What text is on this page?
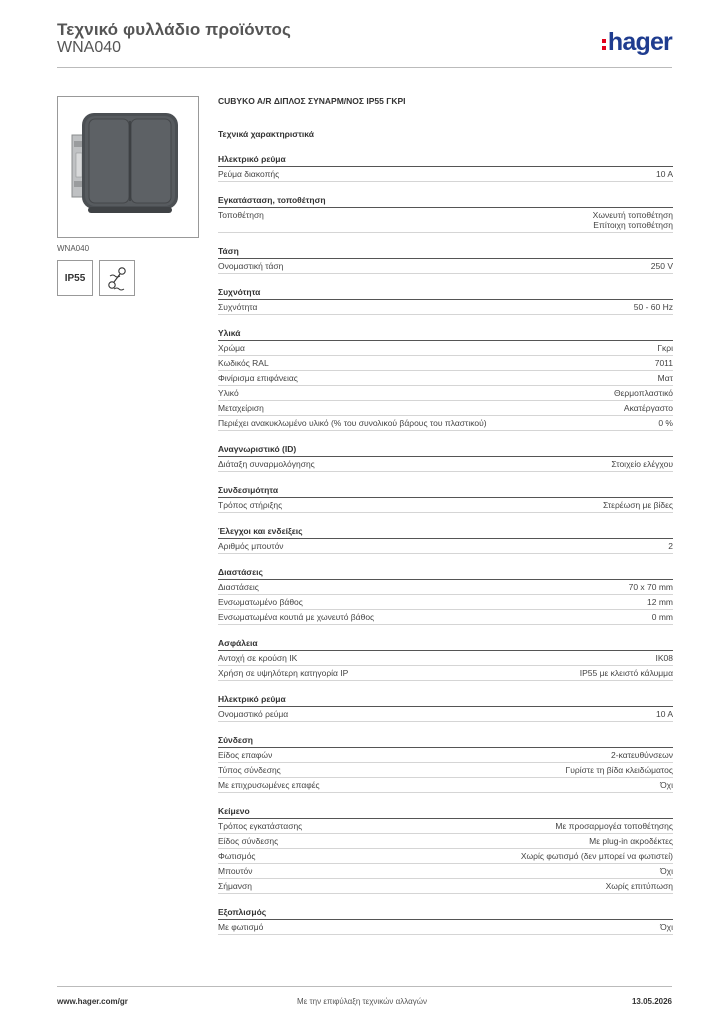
Τεχνικό φυλλάδιο προϊόντος
WNA040	hager
WNA040
IP55
CUBYKO A/R ΔΙΠΛΟΣ ΣΥΝΑΡΜ/ΝΟΣ IP55 ΓΚΡΙ
Τεχνικά χαρακτηριστικά
Ηλεκτρικό ρεύμα
Ρεύμα διακοπής	10 A
Εγκατάσταση, τοποθέτηση
Τοποθέτηση	Χωνευτή τοποθέτηση
Επίτοιχη τοποθέτηση
Τάση
Ονομαστική τάση	250 V
Συχνότητα
Συχνότητα	50 - 60 Hz
Υλικά
Χρώμα	Γκρι
Κωδικός RAL	7011
Φινίρισμα επιφάνειας	Ματ
Υλικό	Θερμοπλαστικό
Μεταχείριση	Ακατέργαστο
Περιέχει ανακυκλωμένο υλικό (% του συνολικού βάρους του πλαστικού)	0 %
Αναγνωριστικό (ID)
Διάταξη συναρμολόγησης	Στοιχείο ελέγχου
Συνδεσιμότητα
Τρόπος στήριξης	Στερέωση με βίδες
Έλεγχοι και ενδείξεις
Αριθμός μπουτόν	2
Διαστάσεις
Διαστάσεις	70 x 70 mm
Ενσωματωμένο βάθος	12 mm
Ενσωματωμένα κουτιά με χωνευτό βάθος	0 mm
Ασφάλεια
Αντοχή σε κρούση IK	IK08
Χρήση σε υψηλότερη κατηγορία IP	IP55 με κλειστό κάλυμμα
Ηλεκτρικό ρεύμα
Ονομαστικό ρεύμα	10 A
Σύνδεση
Είδος επαφών	2-κατευθύνσεων
Τύπος σύνδεσης	Γυρίστε τη βίδα κλειδώματος
Με επιχρυσωμένες επαφές	Όχι
Κείμενο
Τρόπος εγκατάστασης	Με προσαρμογέα τοποθέτησης
Είδος σύνδεσης	Με plug-in ακροδέκτες
Φωτισμός	Χωρίς φωτισμό (δεν μπορεί να φωτιστεί)
Μπουτόν	Όχι
Σήμανση	Χωρίς επιτύπωση
Εξοπλισμός
Με φωτισμό	Όχι
www.hager.com/gr	Με την επιφύλαξη τεχνικών αλλαγών	13.05.2026
